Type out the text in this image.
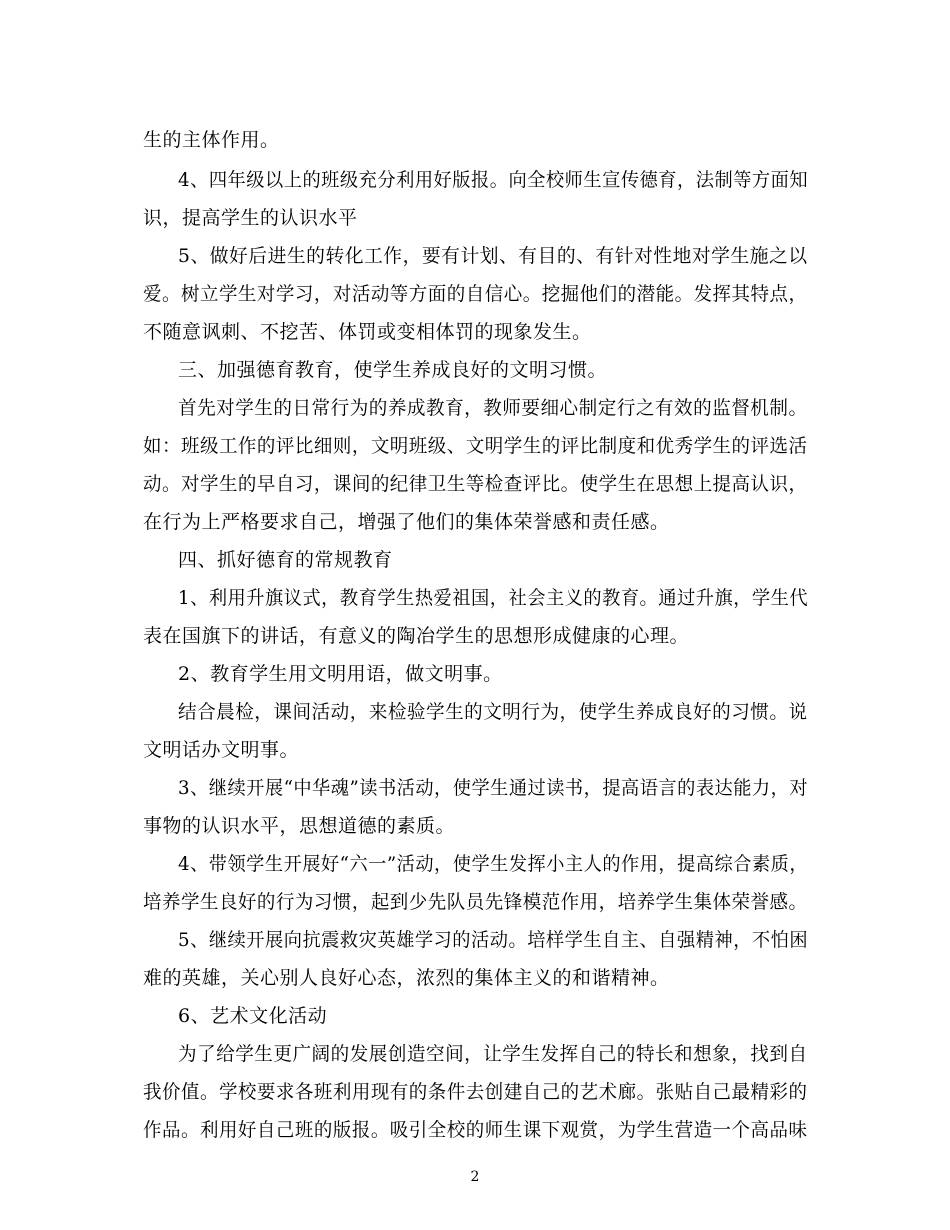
生的主体作用。
4、四年级以上的班级充分利用好版报。向全校师生宣传德育，法制等方面知
识，提高学生的认识水平
5、做好后进生的转化工作，要有计划、有目的、有针对性地对学生施之以
爱。树立学生对学习，对活动等方面的自信心。挖掘他们的潜能。发挥其特点，
不随意讽刺、不挖苦、体罚或变相体罚的现象发生。
三、加强德育教育，使学生养成良好的文明习惯。
首先对学生的日常行为的养成教育，教师要细心制定行之有效的监督机制。
如：班级工作的评比细则，文明班级、文明学生的评比制度和优秀学生的评选活
动。对学生的早自习，课间的纪律卫生等检查评比。使学生在思想上提高认识，
在行为上严格要求自己，增强了他们的集体荣誉感和责任感。
四、抓好德育的常规教育
1、利用升旗议式，教育学生热爱祖国，社会主义的教育。通过升旗，学生代
表在国旗下的讲话，有意义的陶冶学生的思想形成健康的心理。
2、教育学生用文明用语，做文明事。
结合晨检，课间活动，来检验学生的文明行为，使学生养成良好的习惯。说
文明话办文明事。
3、继续开展“中华魂”读书活动，使学生通过读书，提高语言的表达能力，对
事物的认识水平，思想道德的素质。
4、带领学生开展好“六一”活动，使学生发挥小主人的作用，提高综合素质，
培养学生良好的行为习惯，起到少先队员先锋模范作用，培养学生集体荣誉感。
5、继续开展向抗震救灾英雄学习的活动。培样学生自主、自强精神，不怕困
难的英雄，关心别人良好心态，浓烈的集体主义的和谐精神。
6、艺术文化活动
为了给学生更广阔的发展创造空间，让学生发挥自己的特长和想象，找到自
我价值。学校要求各班利用现有的条件去创建自己的艺术廊。张贴自己最精彩的
作品。利用好自己班的版报。吸引全校的师生课下观赏，为学生营造一个高品味
2
